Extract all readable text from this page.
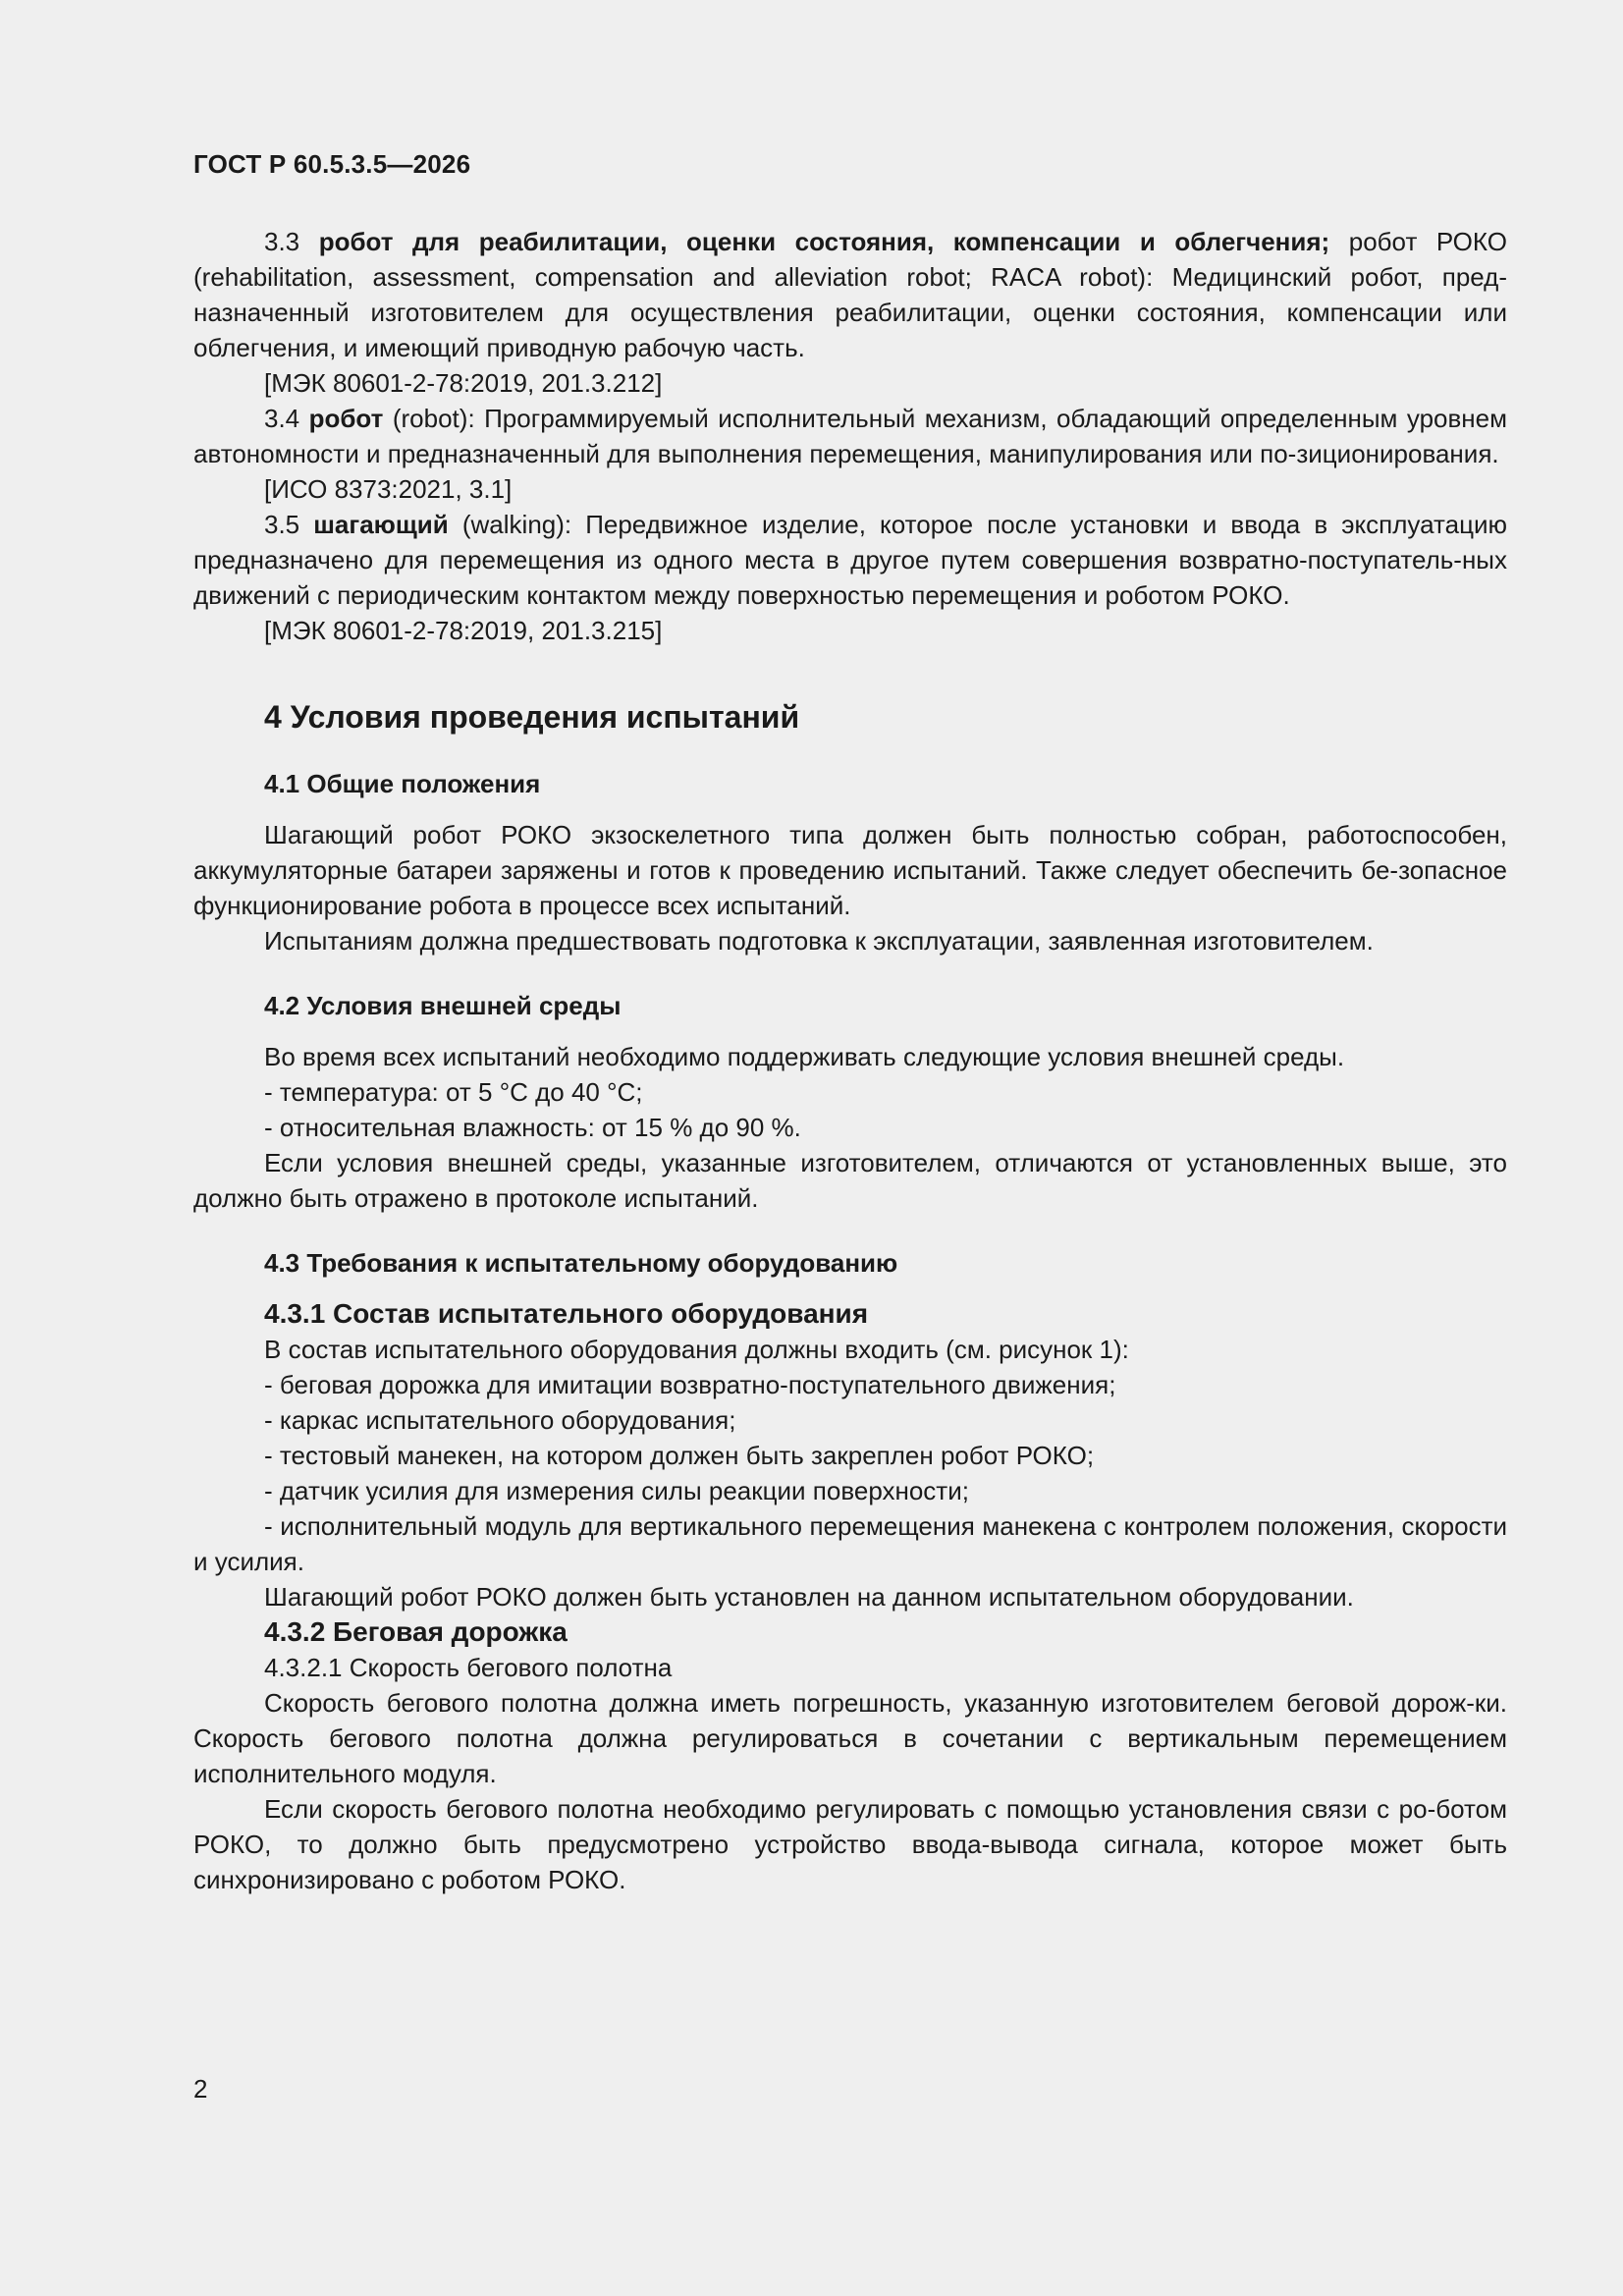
ГОСТ Р 60.5.3.5—2026

3.3 робот для реабилитации, оценки состояния, компенсации и облегчения; робот РОКО (rehabilitation, assessment, compensation and alleviation robot; RACA robot): Медицинский робот, пред-назначенный изготовителем для осуществления реабилитации, оценки состояния, компенсации или облегчения, и имеющий приводную рабочую часть.

[МЭК 80601-2-78:2019, 201.3.212]

3.4 робот (robot): Программируемый исполнительный механизм, обладающий определенным уровнем автономности и предназначенный для выполнения перемещения, манипулирования или по-зиционирования.

[ИСО 8373:2021, 3.1]

3.5 шагающий (walking): Передвижное изделие, которое после установки и ввода в эксплуатацию предназначено для перемещения из одного места в другое путем совершения возвратно-поступатель-ных движений с периодическим контактом между поверхностью перемещения и роботом РОКО.

[МЭК 80601-2-78:2019, 201.3.215]

4 Условия проведения испытаний
4.1 Общие положения

Шагающий робот РОКО экзоскелетного типа должен быть полностью собран, работоспособен, аккумуляторные батареи заряжены и готов к проведению испытаний. Также следует обеспечить бе-зопасное функционирование робота в процессе всех испытаний.

Испытаниям должна предшествовать подготовка к эксплуатации, заявленная изготовителем.

4.2 Условия внешней среды

Во время всех испытаний необходимо поддерживать следующие условия внешней среды.

- температура: от 5 °С до 40 °С;

- относительная влажность: от 15 % до 90 %.

Если условия внешней среды, указанные изготовителем, отличаются от установленных выше, это должно быть отражено в протоколе испытаний.

4.3 Требования к испытательному оборудованию
4.3.1 Состав испытательного оборудования

В состав испытательного оборудования должны входить (см. рисунок 1):

- беговая дорожка для имитации возвратно-поступательного движения;

- каркас испытательного оборудования;

- тестовый манекен, на котором должен быть закреплен робот РОКО;

- датчик усилия для измерения силы реакции поверхности;

- исполнительный модуль для вертикального перемещения манекена с контролем положения, скорости и усилия.

Шагающий робот РОКО должен быть установлен на данном испытательном оборудовании.

4.3.2 Беговая дорожка

4.3.2.1 Скорость бегового полотна

Скорость бегового полотна должна иметь погрешность, указанную изготовителем беговой дорож-ки. Скорость бегового полотна должна регулироваться в сочетании с вертикальным перемещением исполнительного модуля.

Если скорость бегового полотна необходимо регулировать с помощью установления связи с ро-ботом РОКО, то должно быть предусмотрено устройство ввода-вывода сигнала, которое может быть синхронизировано с роботом РОКО.

2
